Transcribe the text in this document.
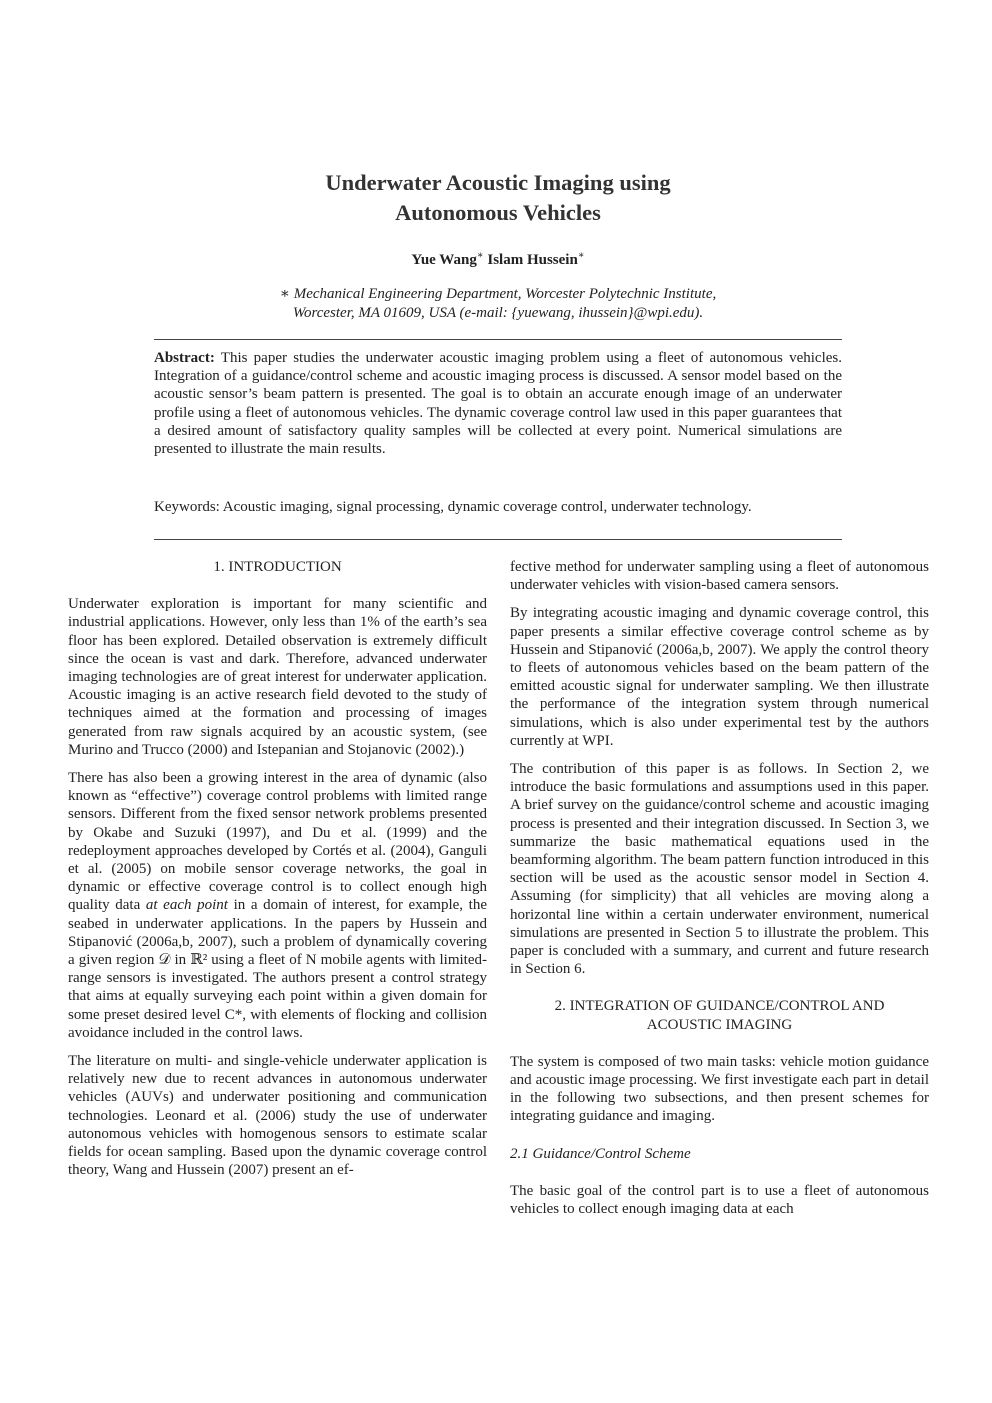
Underwater Acoustic Imaging using
Autonomous Vehicles
Yue Wang∗ Islam Hussein∗
∗ Mechanical Engineering Department, Worcester Polytechnic Institute,
Worcester, MA 01609, USA (e-mail: {yuewang, ihussein}@wpi.edu).
Abstract: This paper studies the underwater acoustic imaging problem using a fleet of autonomous vehicles. Integration of a guidance/control scheme and acoustic imaging process is discussed. A sensor model based on the acoustic sensor’s beam pattern is presented. The goal is to obtain an accurate enough image of an underwater profile using a fleet of autonomous vehicles. The dynamic coverage control law used in this paper guarantees that a desired amount of satisfactory quality samples will be collected at every point. Numerical simulations are presented to illustrate the main results.
Keywords: Acoustic imaging, signal processing, dynamic coverage control, underwater technology.
1. INTRODUCTION

Underwater exploration is important for many scientific and industrial applications. However, only less than 1% of the earth’s sea floor has been explored. Detailed observation is extremely difficult since the ocean is vast and dark. Therefore, advanced underwater imaging technologies are of great interest for underwater application. Acoustic imaging is an active research field devoted to the study of techniques aimed at the formation and processing of images generated from raw signals acquired by an acoustic system, (see Murino and Trucco (2000) and Istepanian and Stojanovic (2002).)

There has also been a growing interest in the area of dynamic (also known as “effective”) coverage control problems with limited range sensors. Different from the fixed sensor network problems presented by Okabe and Suzuki (1997), and Du et al. (1999) and the redeployment approaches developed by Cortés et al. (2004), Ganguli et al. (2005) on mobile sensor coverage networks, the goal in dynamic or effective coverage control is to collect enough high quality data at each point in a domain of interest, for example, the seabed in underwater applications. In the papers by Hussein and Stipanović (2006a,b, 2007), such a problem of dynamically covering a given region 𝒟 in ℝ² using a fleet of N mobile agents with limited-range sensors is investigated. The authors present a control strategy that aims at equally surveying each point within a given domain for some preset desired level C*, with elements of flocking and collision avoidance included in the control laws.

The literature on multi- and single-vehicle underwater application is relatively new due to recent advances in autonomous underwater vehicles (AUVs) and underwater positioning and communication technologies. Leonard et al. (2006) study the use of underwater autonomous vehicles with homogenous sensors to estimate scalar fields for ocean sampling. Based upon the dynamic coverage control theory, Wang and Hussein (2007) present an ef-

fective method for underwater sampling using a fleet of autonomous underwater vehicles with vision-based camera sensors.

By integrating acoustic imaging and dynamic coverage control, this paper presents a similar effective coverage control scheme as by Hussein and Stipanović (2006a,b, 2007). We apply the control theory to fleets of autonomous vehicles based on the beam pattern of the emitted acoustic signal for underwater sampling. We then illustrate the performance of the integration system through numerical simulations, which is also under experimental test by the authors currently at WPI.

The contribution of this paper is as follows. In Section 2, we introduce the basic formulations and assumptions used in this paper. A brief survey on the guidance/control scheme and acoustic imaging process is presented and their integration discussed. In Section 3, we summarize the basic mathematical equations used in the beamforming algorithm. The beam pattern function introduced in this section will be used as the acoustic sensor model in Section 4. Assuming (for simplicity) that all vehicles are moving along a horizontal line within a certain underwater environment, numerical simulations are presented in Section 5 to illustrate the problem. This paper is concluded with a summary, and current and future research in Section 6.

2. INTEGRATION OF GUIDANCE/CONTROL AND
ACOUSTIC IMAGING

The system is composed of two main tasks: vehicle motion guidance and acoustic image processing. We first investigate each part in detail in the following two subsections, and then present schemes for integrating guidance and imaging.

2.1 Guidance/Control Scheme

The basic goal of the control part is to use a fleet of autonomous vehicles to collect enough imaging data at each
